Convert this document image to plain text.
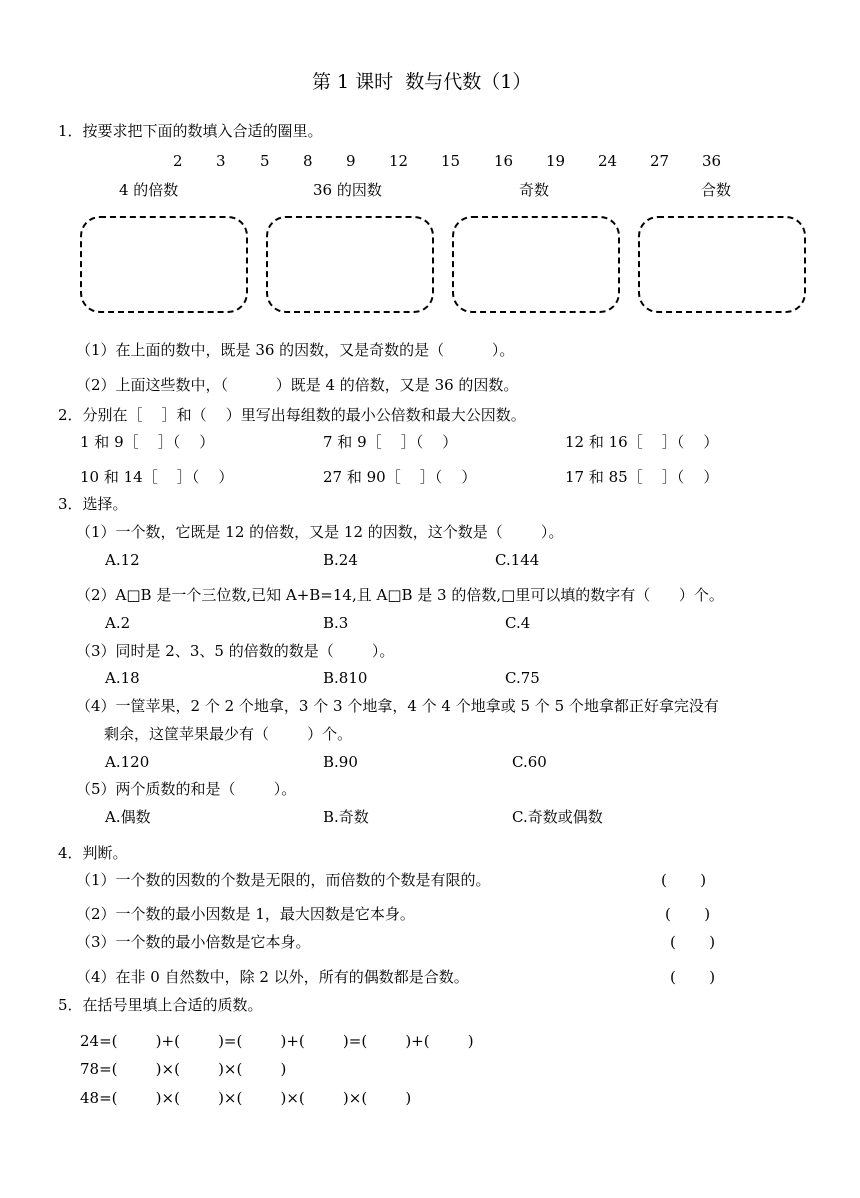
第 1 课时  数与代数（1）
1．按要求把下面的数填入合适的圈里。
2 3 5 8 9 12 15 16 19 24 27 36
4 的倍数	36 的因数	奇数	合数
（1）在上面的数中，既是 36 的因数，又是奇数的是（          ）。
（2）上面这些数中，（          ）既是 4 的倍数，又是 36 的因数。
2．分别在［    ］和（    ）里写出每组数的最小公倍数和最大公因数。
1 和 9［    ］（    ）	7 和 9［    ］（    ）	12 和 16［    ］（    ）
10 和 14［    ］（    ）	27 和 90［    ］（    ）	17 和 85［    ］（    ）
3．选择。
（1）一个数，它既是 12 的倍数，又是 12 的因数，这个数是（        ）。
A.12	B.24	C.144
（2）A□B 是一个三位数,已知 A+B=14,且 A□B 是 3 的倍数,□里可以填的数字有（      ）个。
A.2	B.3	C.4
（3）同时是 2、3、5 的倍数的数是（        ）。
A.18	B.810	C.75
（4）一筐苹果，2 个 2 个地拿，3 个 3 个地拿，4 个 4 个地拿或 5 个 5 个地拿都正好拿完没有
剩余，这筐苹果最少有（        ）个。
A.120	B.90	C.60
（5）两个质数的和是（        ）。
A.偶数	B.奇数	C.奇数或偶数
4．判断。
（1）一个数的因数的个数是无限的，而倍数的个数是有限的。	(       )
（2）一个数的最小因数是 1，最大因数是它本身。	(       )
（3）一个数的最小倍数是它本身。	(       )
（4）在非 0 自然数中，除 2 以外，所有的偶数都是合数。	(       )
5．在括号里填上合适的质数。
24=(        )+(        )=(        )+(        )=(        )+(        )
78=(        )×(        )×(        )
48=(        )×(        )×(        )×(        )×(        )
